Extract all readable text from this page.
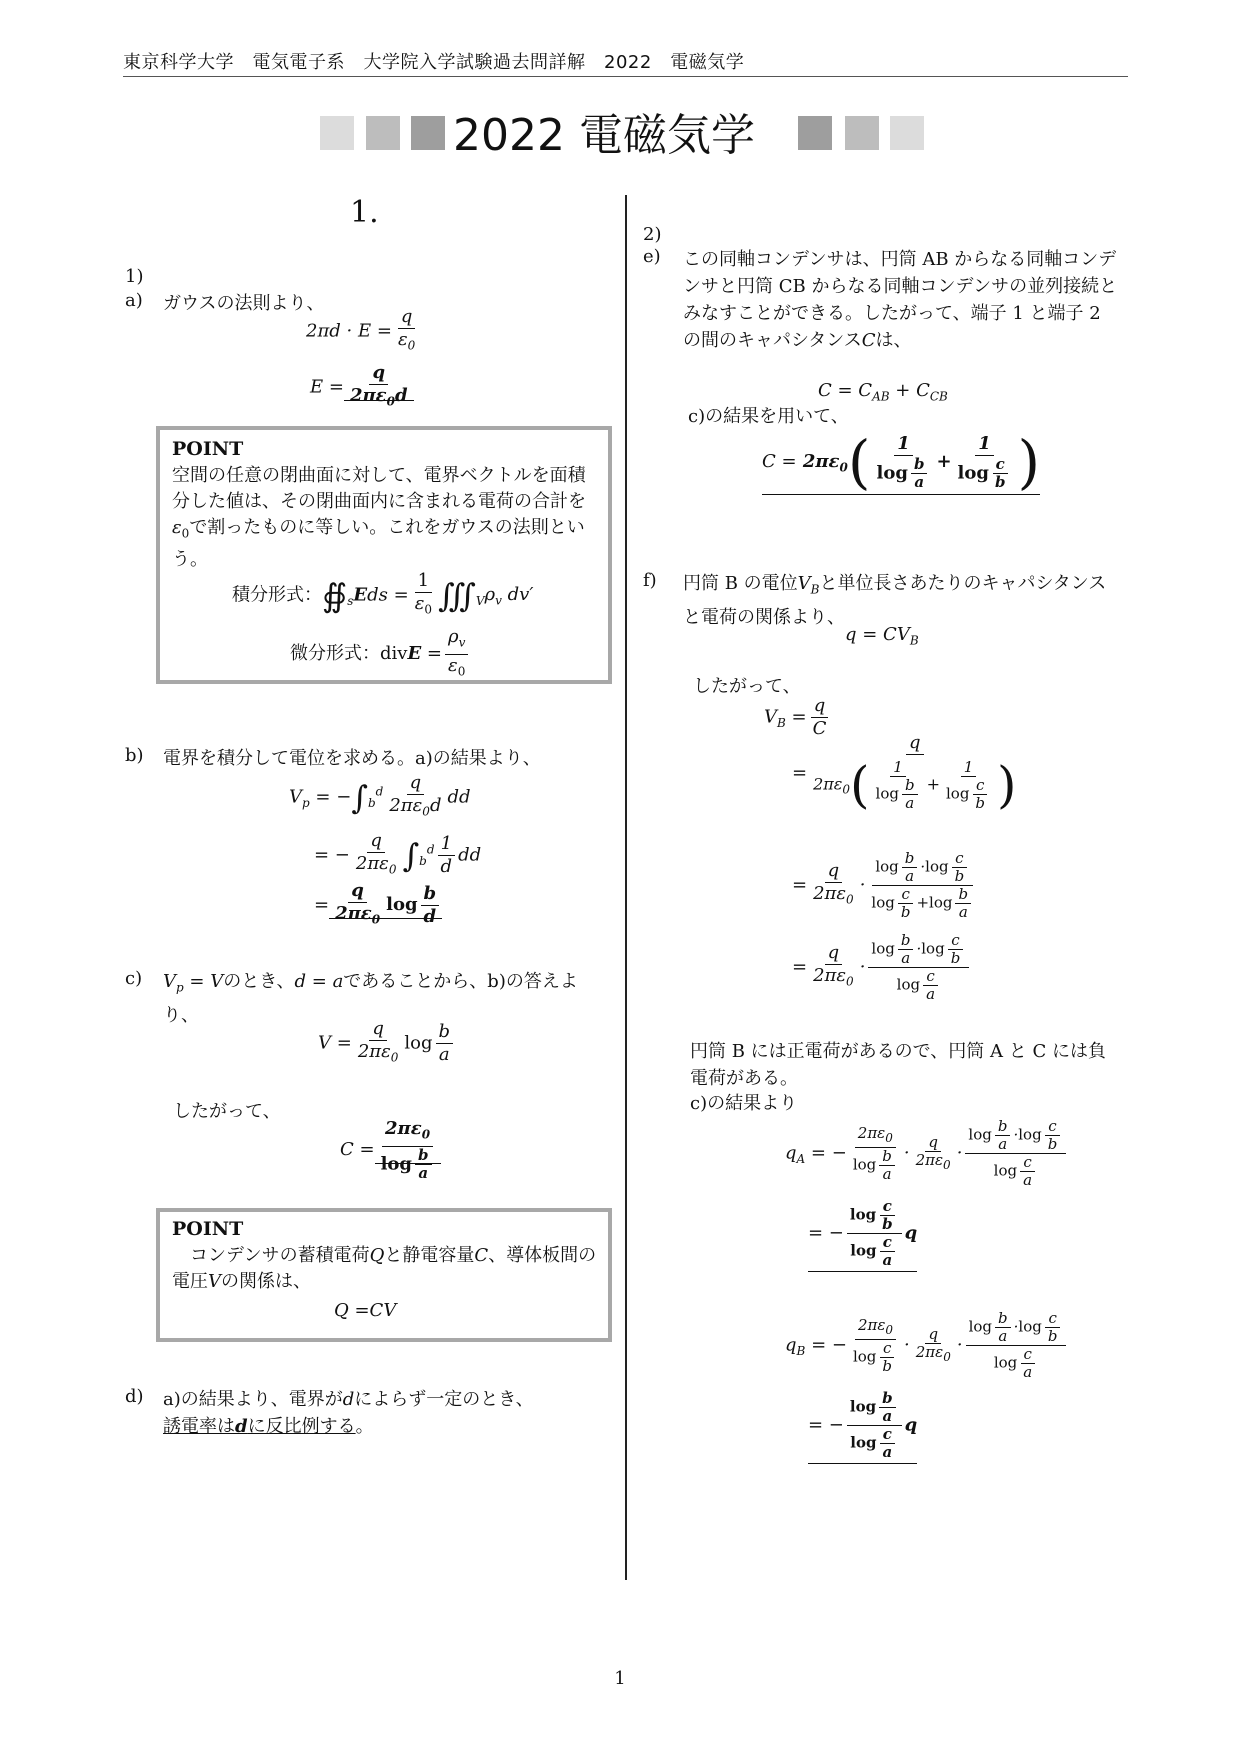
東京科学大学　電気電子系　大学院入学試験過去問詳解　2022　電磁気学
2022 電磁気学
1.
1)
a) ガウスの法則より、
$2\pi d \cdot E = \frac{q}{\varepsilon_0}$
$E = \frac{q}{2\pi\varepsilon_0d}$
POINT
空間の任意の閉曲面に対して、電界ベクトルを面積分した値は、その閉曲面内に含まれる電荷の合計を$\varepsilon_0$で割ったものに等しい。これをガウスの法則という。
積分形式：$∯_sEds = \frac{1}{\varepsilon_0}$ $∭_V\rho_v$ dv′
微分形式：divE = $\frac{\rho_v}{\varepsilon_0}$
b) 電界を積分して電位を求める。a)の結果より、
$V_p = -\int_b^d \frac{q}{2\pi\varepsilon_0d}$ dd
= − $\frac{q}{2\pi\varepsilon_0} \int_b^d \frac{1}{d}$ dd
= $\frac{q}{2\pi\varepsilon_0}$ $\log \frac{b}{d}$
c) $V_p = V$のとき、d = aであることから、b)の答えより、
$V = \frac{q}{2\pi\varepsilon_0}$ $\log \frac{b}{a}$
したがって、
$C = \frac{2\pi\varepsilon_0}{\log \frac{b}{a}}$
POINT
　コンデンサの蓄積電荷Qと静電容量C、導体板間の電圧Vの関係は、
Q =CV
d) a)の結果より、電界がdによらず一定のとき、
誘電率はdに反比例する。
2)
e) この同軸コンデンサは、円筒 AB からなる同軸コンデンサと円筒 CB からなる同軸コンデンサの並列接続とみなすことができる。したがって、端子 1 と端子 2 の間のキャパシタンスCは、
$C = C_{AB} + C_{CB}$
c)の結果を用いて、
$C = 2\pi\varepsilon_0( \frac{1}{\log \frac{b}{a}} + \frac{1}{\log \frac{c}{b}}$ )
f) 円筒 B の電位$V_B$と単位長さあたりのキャパシタンスと電荷の関係より、
$q = CV_B$
したがって、
$V_B = \frac{q}{C}$
= $\frac{q}{2\pi\varepsilon_0( \frac{1}{\log \frac{b}{a}} + \frac{1}{\log \frac{c}{b}} )}$
= $\frac{q}{2\pi\varepsilon_0} \cdot \frac{\log \frac{b}{a} \cdot\log \frac{c}{b}}{\log \frac{c}{b} +\log \frac{b}{a}}$
= $\frac{q}{2\pi\varepsilon_0} \cdot \frac{\log \frac{b}{a} \cdot\log \frac{c}{b}}{\log \frac{c}{a}}$
円筒 B には正電荷があるので、円筒 A と C には負電荷がある。
c)の結果より
$q_A$ = − $\frac{2\pi\varepsilon_0}{\log \frac{b}{a}} \cdot \frac{q}{2\pi\varepsilon_0} \cdot \frac{\log \frac{b}{a} \cdot\log \frac{c}{b}}{\log \frac{c}{a}}$
= − $\frac{\log \frac{c}{b}}{\log \frac{c}{a}}$ q
$q_B$ = − $\frac{2\pi\varepsilon_0}{\log \frac{c}{b}} \cdot \frac{q}{2\pi\varepsilon_0} \cdot \frac{\log \frac{b}{a} \cdot\log \frac{c}{b}}{\log \frac{c}{a}}$
= − $\frac{\log \frac{b}{a}}{\log \frac{c}{a}}$ q
1
